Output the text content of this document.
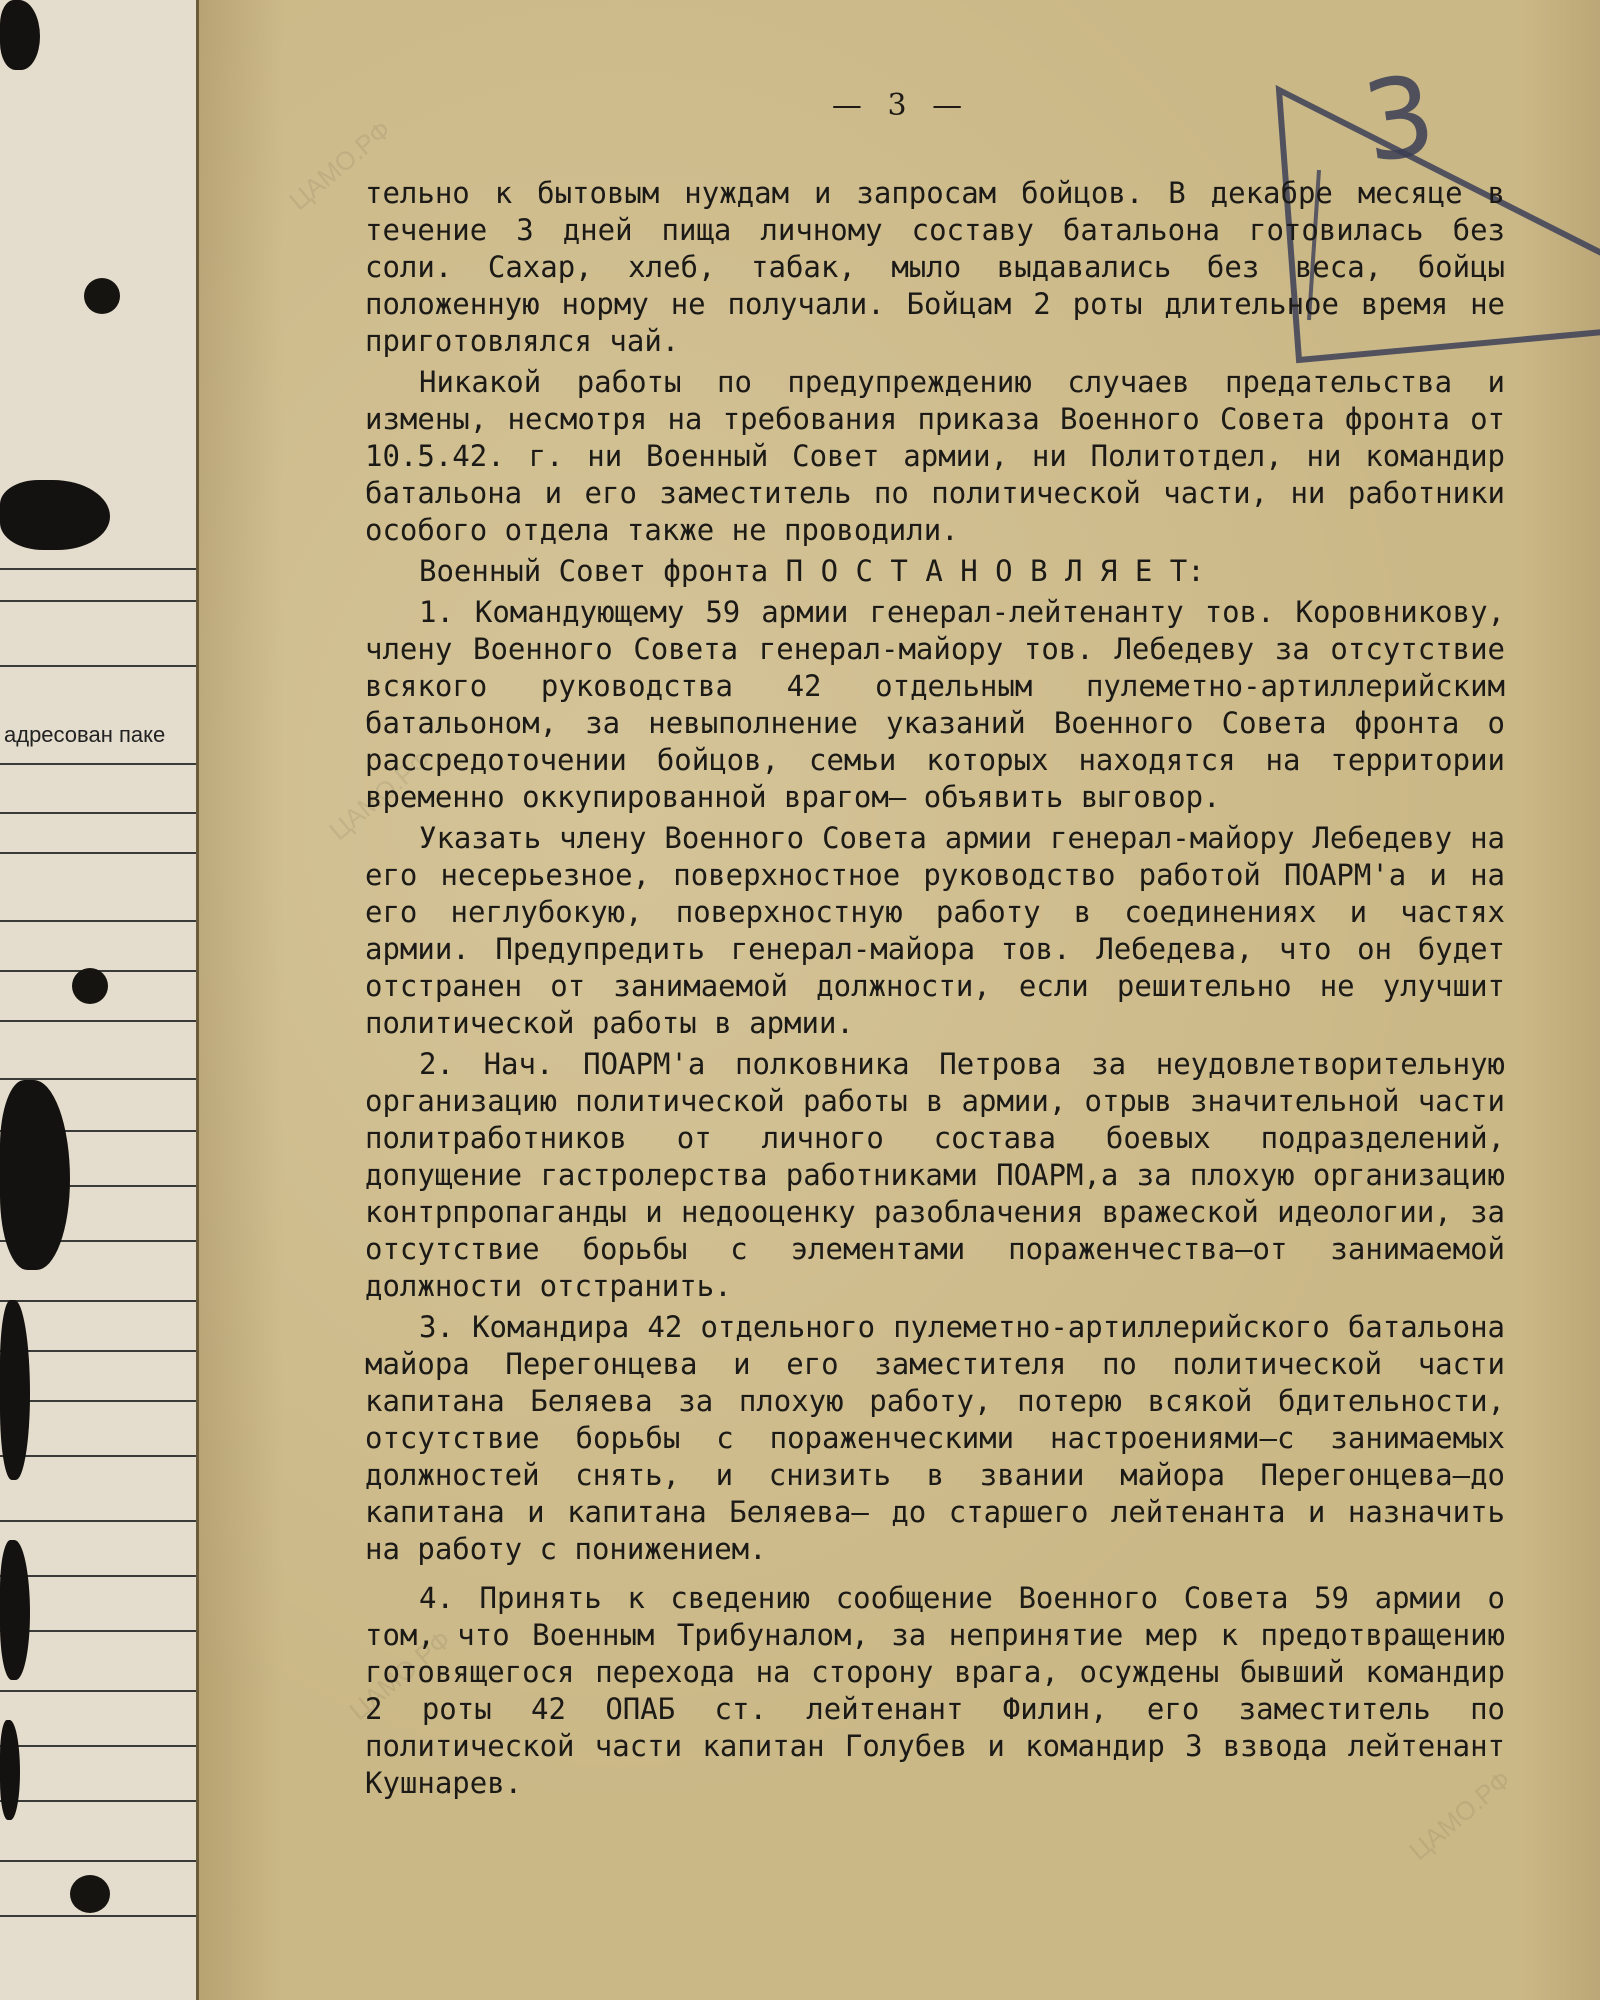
адресован паке
ЦАМО.РФ
ЦАМО.РФ
ЦАМО.РФ
ЦАМО.РФ
— 3 —	3

тельно к бытовым нуждам и запросам бойцов. В декабре месяце в течение 3 дней пища личному составу батальона готовилась без соли. Сахар, хлеб, табак, мыло выдавались без веса, бойцы положенную норму не получали. Бойцам 2 роты длительное время не приготовлялся чай.

Никакой работы по предупреждению случаев предательства и измены, несмотря на требования приказа Военного Совета фронта от 10.5.42. г. ни Военный Совет армии, ни Политотдел, ни командир батальона и его заместитель по политической части, ни работники особого отдела также не проводили.

Военный Совет фронта П О С Т А Н О В Л Я Е Т:

1. Командующему 59 армии генерал-лейтенанту тов. Коровникову, члену Военного Совета генерал-майору тов. Лебедеву за отсутствие всякого руководства 42 отдельным пулеметно-артиллерийским батальоном, за невыполнение указаний Военного Совета фронта о рассредоточении бойцов, семьи которых находятся на территории временно оккупированной врагом— объявить выговор.

Указать члену Военного Совета армии генерал-майору Лебедеву на его несерьезное, поверхностное руководство работой ПОАРМ'а и на его неглубокую, поверхностную работу в соединениях и частях армии. Предупредить генерал-майора тов. Лебедева, что он будет отстранен от занимаемой должности, если решительно не улучшит политической работы в армии.

2. Нач. ПОАРМ'а полковника Петрова за неудовлетворительную организацию политической работы в армии, отрыв значительной части политработников от личного состава боевых подразделений, допущение гастролерства работниками ПОАРМ,а за плохую организацию контрпропаганды и недооценку разоблачения вражеской идеологии, за отсутствие борьбы с элементами пораженчества—от занимаемой должности отстранить.

3. Командира 42 отдельного пулеметно-артиллерийского батальона майора Перегонцева и его заместителя по политической части капитана Беляева за плохую работу, потерю всякой бдительности, отсутствие борьбы с пораженческими настроениями—с занимаемых должностей снять, и снизить в звании майора Перегонцева—до капитана и капитана Беляева— до старшего лейтенанта и назначить на работу с понижением.

4. Принять к сведению сообщение Военного Совета 59 армии о том, что Военным Трибуналом, за непринятие мер к предотвращению готовящегося перехода на сторону врага, осуждены бывший командир 2 роты 42 ОПАБ ст. лейтенант Филин, его заместитель по политической части капитан Голубев и командир 3 взвода лейтенант Кушнарев.
